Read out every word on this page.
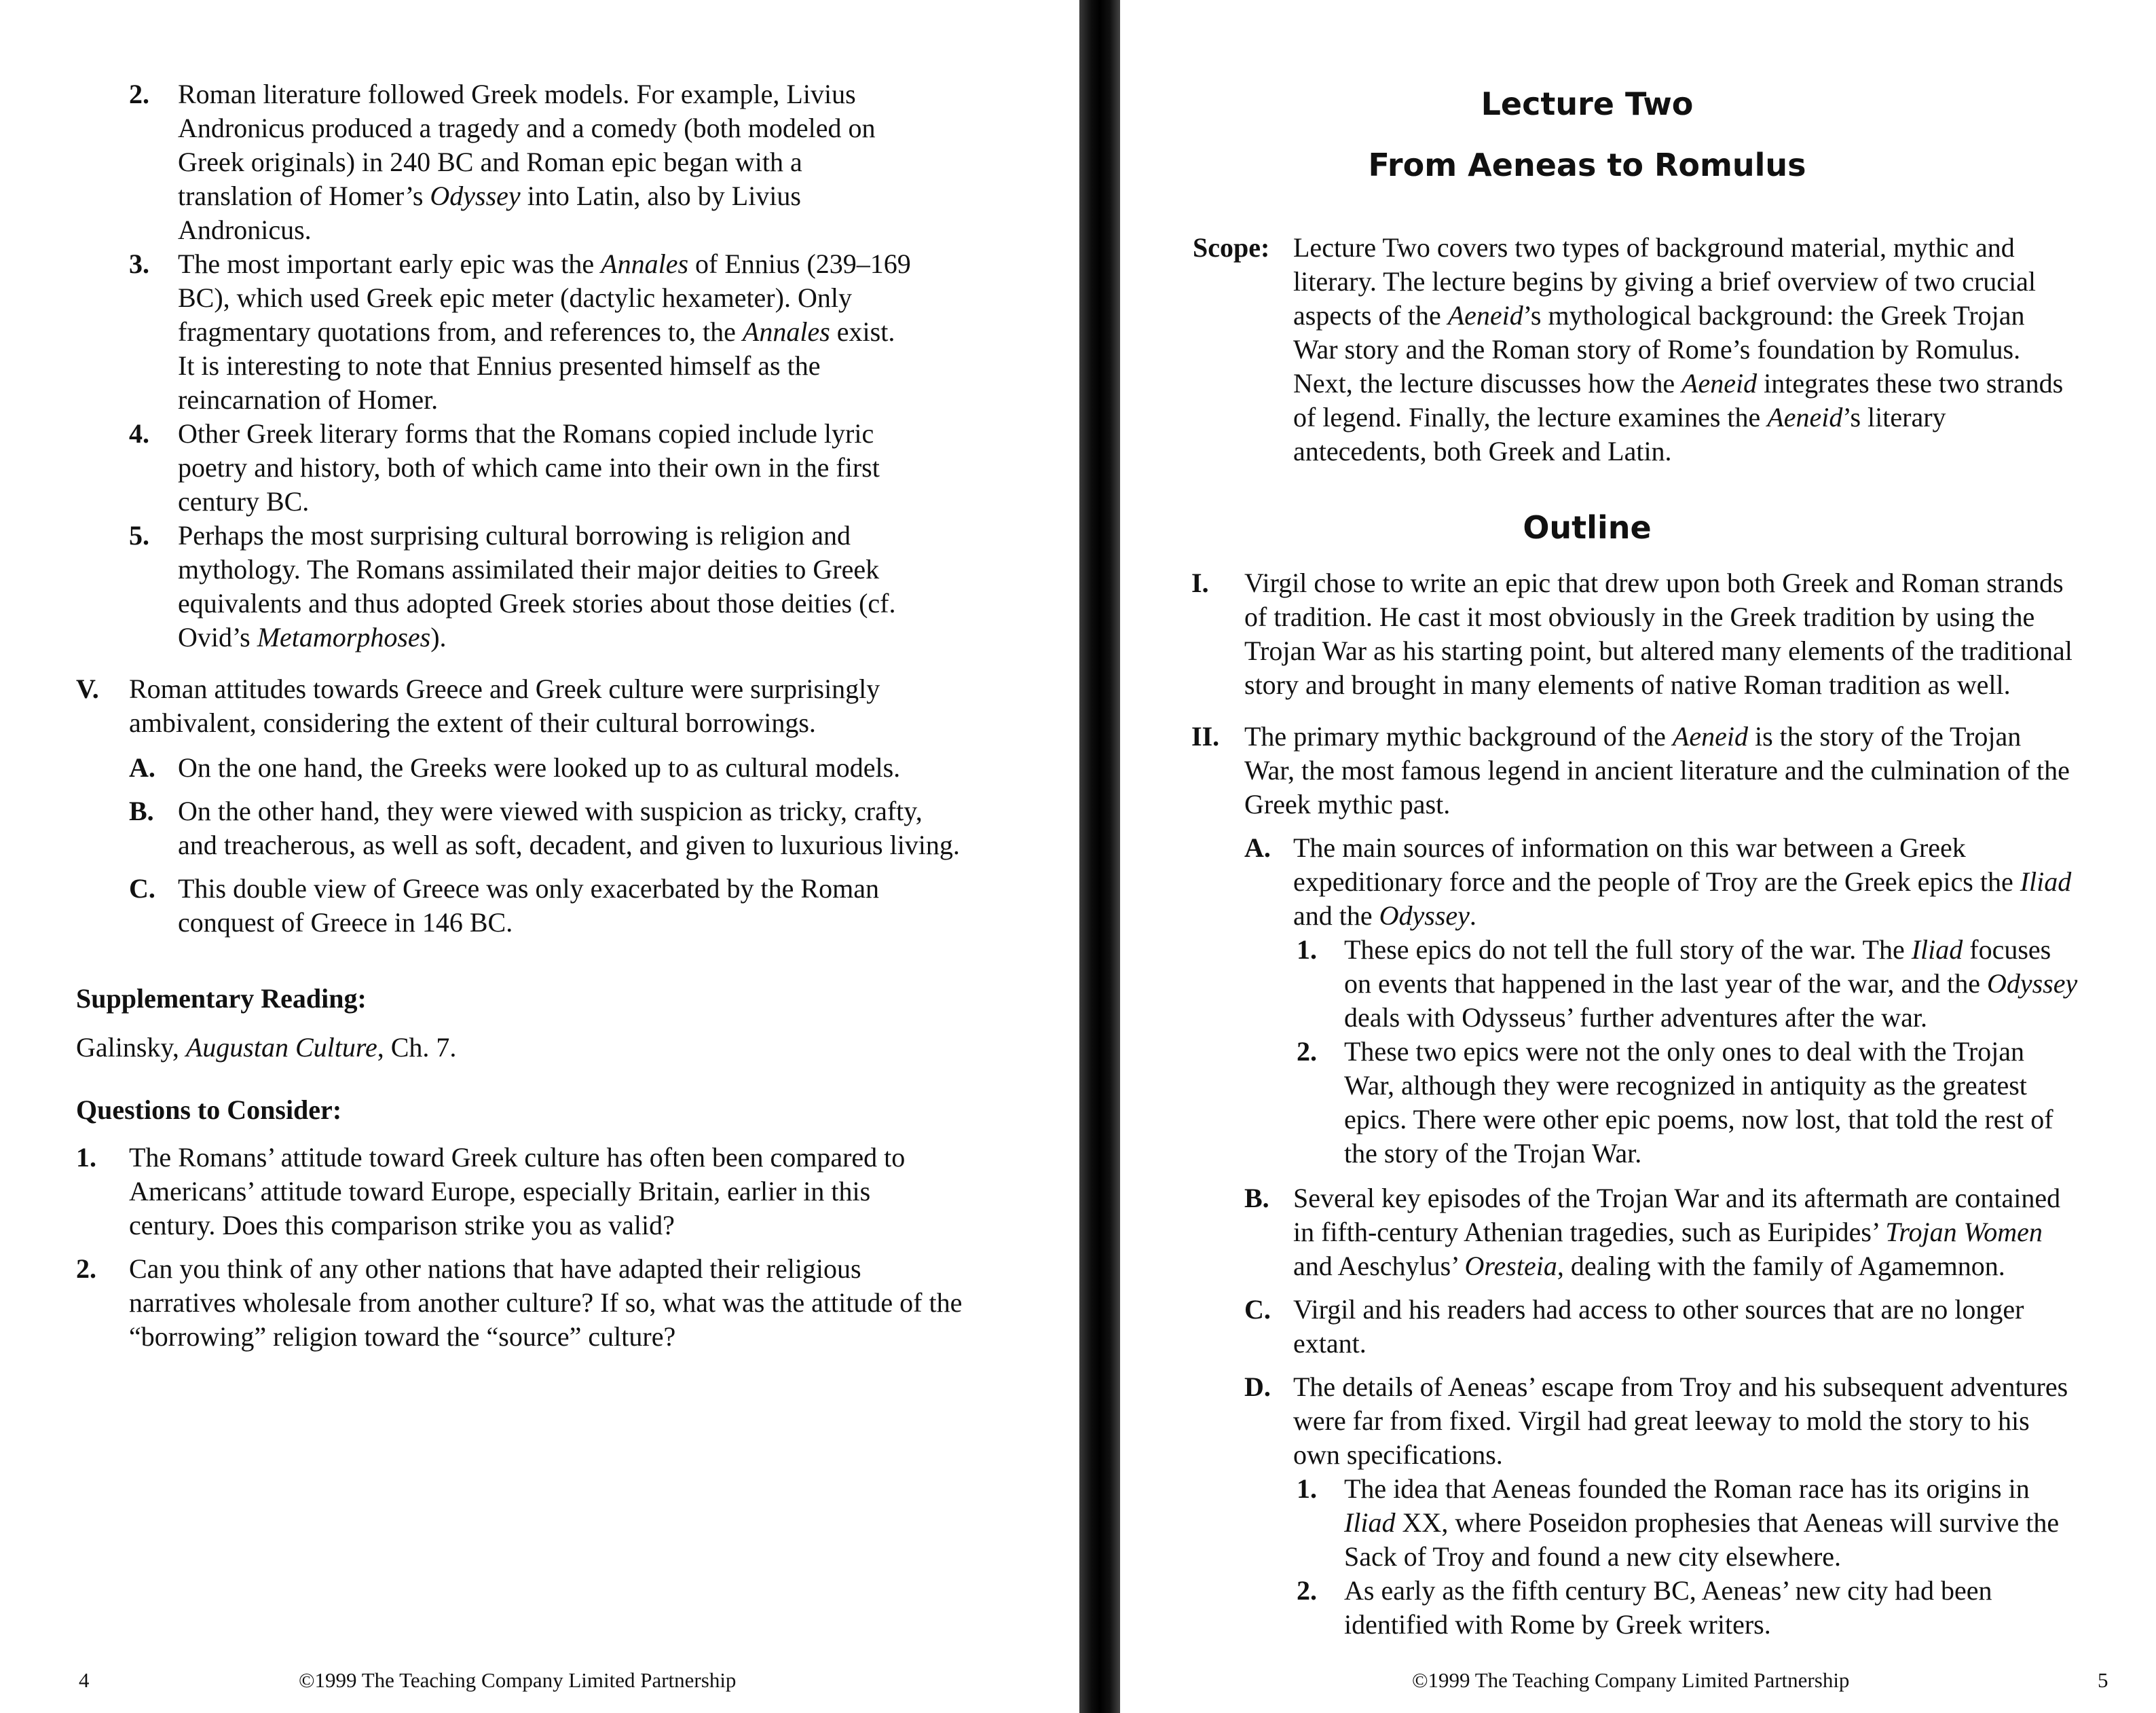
2. Roman literature followed Greek models. For example, Livius
Andronicus produced a tragedy and a comedy (both modeled on
Greek originals) in 240 BC and Roman epic began with a
translation of Homer’s Odyssey into Latin, also by Livius
Andronicus.
3. The most important early epic was the Annales of Ennius (239–169
BC), which used Greek epic meter (dactylic hexameter). Only
fragmentary quotations from, and references to, the Annales exist.
It is interesting to note that Ennius presented himself as the
reincarnation of Homer.
4. Other Greek literary forms that the Romans copied include lyric
poetry and history, both of which came into their own in the first
century BC.
5. Perhaps the most surprising cultural borrowing is religion and
mythology. The Romans assimilated their major deities to Greek
equivalents and thus adopted Greek stories about those deities (cf.
Ovid’s Metamorphoses).
V. Roman attitudes towards Greece and Greek culture were surprisingly
ambivalent, considering the extent of their cultural borrowings.
A. On the one hand, the Greeks were looked up to as cultural models.
B. On the other hand, they were viewed with suspicion as tricky, crafty,
and treacherous, as well as soft, decadent, and given to luxurious living.
C. This double view of Greece was only exacerbated by the Roman
conquest of Greece in 146 BC.
Supplementary Reading:
Galinsky, Augustan Culture, Ch. 7.
Questions to Consider:
1. The Romans’ attitude toward Greek culture has often been compared to
Americans’ attitude toward Europe, especially Britain, earlier in this
century. Does this comparison strike you as valid?
2. Can you think of any other nations that have adapted their religious
narratives wholesale from another culture? If so, what was the attitude of the
“borrowing” religion toward the “source” culture?
4	©1999 The Teaching Company Limited Partnership
Lecture Two
From Aeneas to Romulus
Scope: Lecture Two covers two types of background material, mythic and
literary. The lecture begins by giving a brief overview of two crucial
aspects of the Aeneid’s mythological background: the Greek Trojan
War story and the Roman story of Rome’s foundation by Romulus.
Next, the lecture discusses how the Aeneid integrates these two strands
of legend. Finally, the lecture examines the Aeneid’s literary
antecedents, both Greek and Latin.
Outline
I. Virgil chose to write an epic that drew upon both Greek and Roman strands
of tradition. He cast it most obviously in the Greek tradition by using the
Trojan War as his starting point, but altered many elements of the traditional
story and brought in many elements of native Roman tradition as well.
II. The primary mythic background of the Aeneid is the story of the Trojan
War, the most famous legend in ancient literature and the culmination of the
Greek mythic past.
A. The main sources of information on this war between a Greek
expeditionary force and the people of Troy are the Greek epics the Iliad
and the Odyssey.
1. These epics do not tell the full story of the war. The Iliad focuses
on events that happened in the last year of the war, and the Odyssey
deals with Odysseus’ further adventures after the war.
2. These two epics were not the only ones to deal with the Trojan
War, although they were recognized in antiquity as the greatest
epics. There were other epic poems, now lost, that told the rest of
the story of the Trojan War.
B. Several key episodes of the Trojan War and its aftermath are contained
in fifth-century Athenian tragedies, such as Euripides’ Trojan Women
and Aeschylus’ Oresteia, dealing with the family of Agamemnon.
C. Virgil and his readers had access to other sources that are no longer
extant.
D. The details of Aeneas’ escape from Troy and his subsequent adventures
were far from fixed. Virgil had great leeway to mold the story to his
own specifications.
1. The idea that Aeneas founded the Roman race has its origins in
Iliad XX, where Poseidon prophesies that Aeneas will survive the
Sack of Troy and found a new city elsewhere.
2. As early as the fifth century BC, Aeneas’ new city had been
identified with Rome by Greek writers.
©1999 The Teaching Company Limited Partnership	5
